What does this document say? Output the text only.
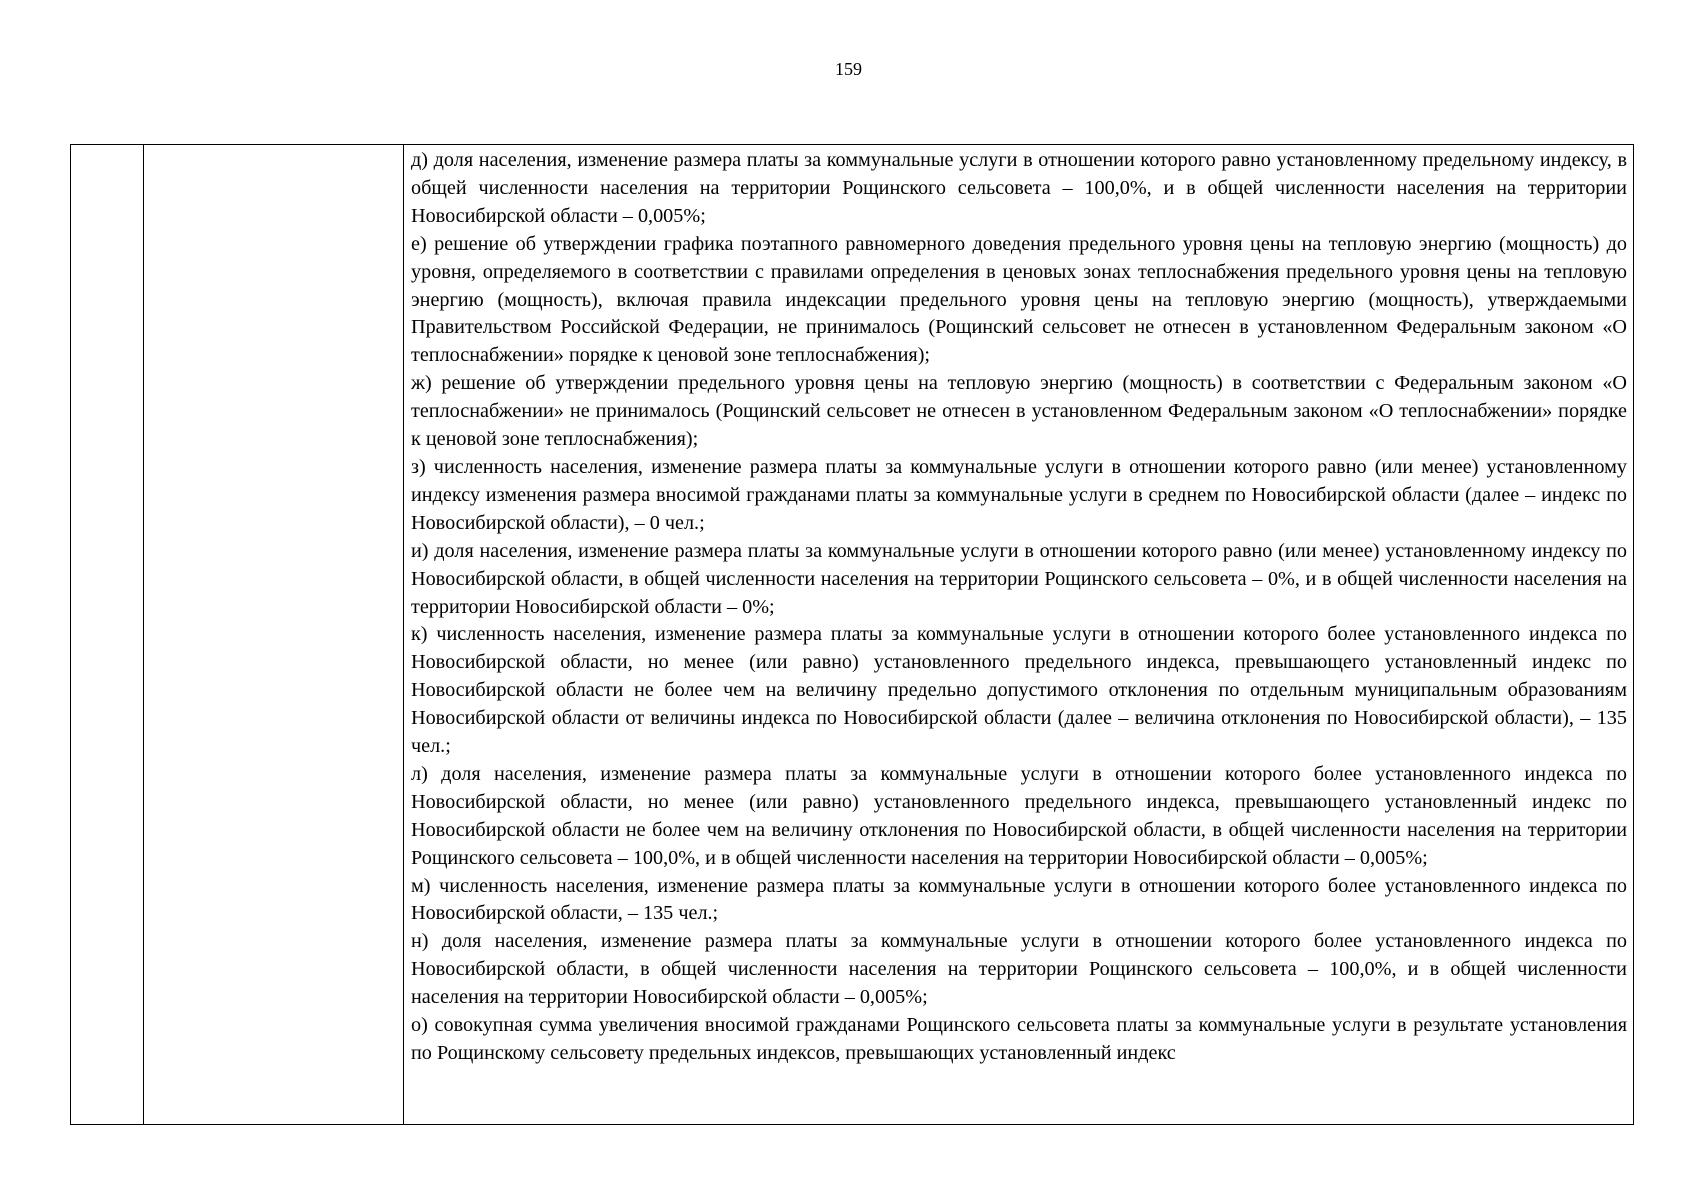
159

д) доля населения, изменение размера платы за коммунальные услуги в отношении которого равно установленному предельному индексу, в общей численности населения на территории Рощинского сельсовета – 100,0%, и в общей численности населения на территории Новосибирской области – 0,005%;

е) решение об утверждении графика поэтапного равномерного доведения предельного уровня цены на тепловую энергию (мощность) до уровня, определяемого в соответствии с правилами определения в ценовых зонах теплоснабжения предельного уровня цены на тепловую энергию (мощность), включая правила индексации предельного уровня цены на тепловую энергию (мощность), утверждаемыми Правительством Российской Федерации, не принималось (Рощинский сельсовет не отнесен в установленном Федеральным законом «О теплоснабжении» порядке к ценовой зоне теплоснабжения);

ж) решение об утверждении предельного уровня цены на тепловую энергию (мощность) в соответствии с Федеральным законом «О теплоснабжении» не принималось (Рощинский сельсовет не отнесен в установленном Федеральным законом «О теплоснабжении» порядке к ценовой зоне теплоснабжения);

з) численность населения, изменение размера платы за коммунальные услуги в отношении которого равно (или менее) установленному индексу изменения размера вносимой гражданами платы за коммунальные услуги в среднем по Новосибирской области (далее – индекс по Новосибирской области), – 0 чел.;

и) доля населения, изменение размера платы за коммунальные услуги в отношении которого равно (или менее) установленному индексу по Новосибирской области, в общей численности населения на территории Рощинского сельсовета – 0%, и в общей численности населения на территории Новосибирской области – 0%;

к) численность населения, изменение размера платы за коммунальные услуги в отношении которого более установленного индекса по Новосибирской области, но менее (или равно) установленного предельного индекса, превышающего установленный индекс по Новосибирской области не более чем на величину предельно допустимого отклонения по отдельным муниципальным образованиям Новосибирской области от величины индекса по Новосибирской области (далее – величина отклонения по Новосибирской области), – 135 чел.;

л) доля населения, изменение размера платы за коммунальные услуги в отношении которого более установленного индекса по Новосибирской области, но менее (или равно) установленного предельного индекса, превышающего установленный индекс по Новосибирской области не более чем на величину отклонения по Новосибирской области, в общей численности населения на территории Рощинского сельсовета – 100,0%, и в общей численности населения на территории Новосибирской области – 0,005%;

м) численность населения, изменение размера платы за коммунальные услуги в отношении которого более установленного индекса по Новосибирской области, – 135 чел.;

н) доля населения, изменение размера платы за коммунальные услуги в отношении которого более установленного индекса по Новосибирской области, в общей численности населения на территории Рощинского сельсовета – 100,0%, и в общей численности населения на территории Новосибирской области – 0,005%;

о) совокупная сумма увеличения вносимой гражданами Рощинского сельсовета платы за коммунальные услуги в результате установления по Рощинскому сельсовету предельных индексов, превышающих установленный индекс
